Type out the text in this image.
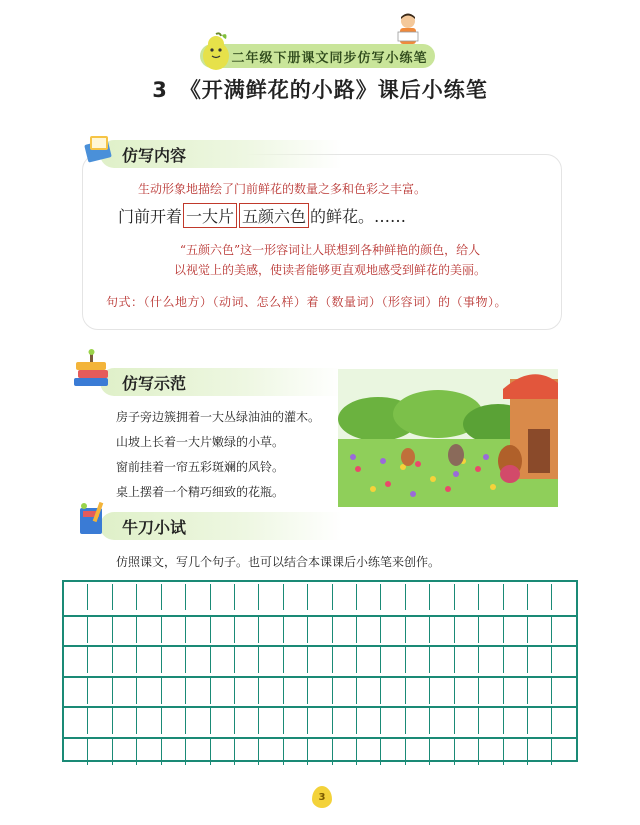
二年级下册课文同步仿写小练笔
3 《开满鲜花的小路》课后小练笔
仿写内容
生动形象地描绘了门前鲜花的数量之多和色彩之丰富。
门前开着 一大片 五颜六色 的鲜花。……
“五颜六色”这一形容词让人联想到各种鲜艳的颜色，给人
以视觉上的美感，使读者能够更直观地感受到鲜花的美丽。
句式：（什么地方）（动词、怎么样）着（数量词）（形容词）的（事物）。
仿写示范
房子旁边簇拥着一大丛绿油油的灌木。
山坡上长着一大片嫩绿的小草。
窗前挂着一帘五彩斑斓的风铃。
桌上摆着一个精巧细致的花瓶。
牛刀小试
仿照课文，写几个句子。也可以结合本课课后小练笔来创作。
3
